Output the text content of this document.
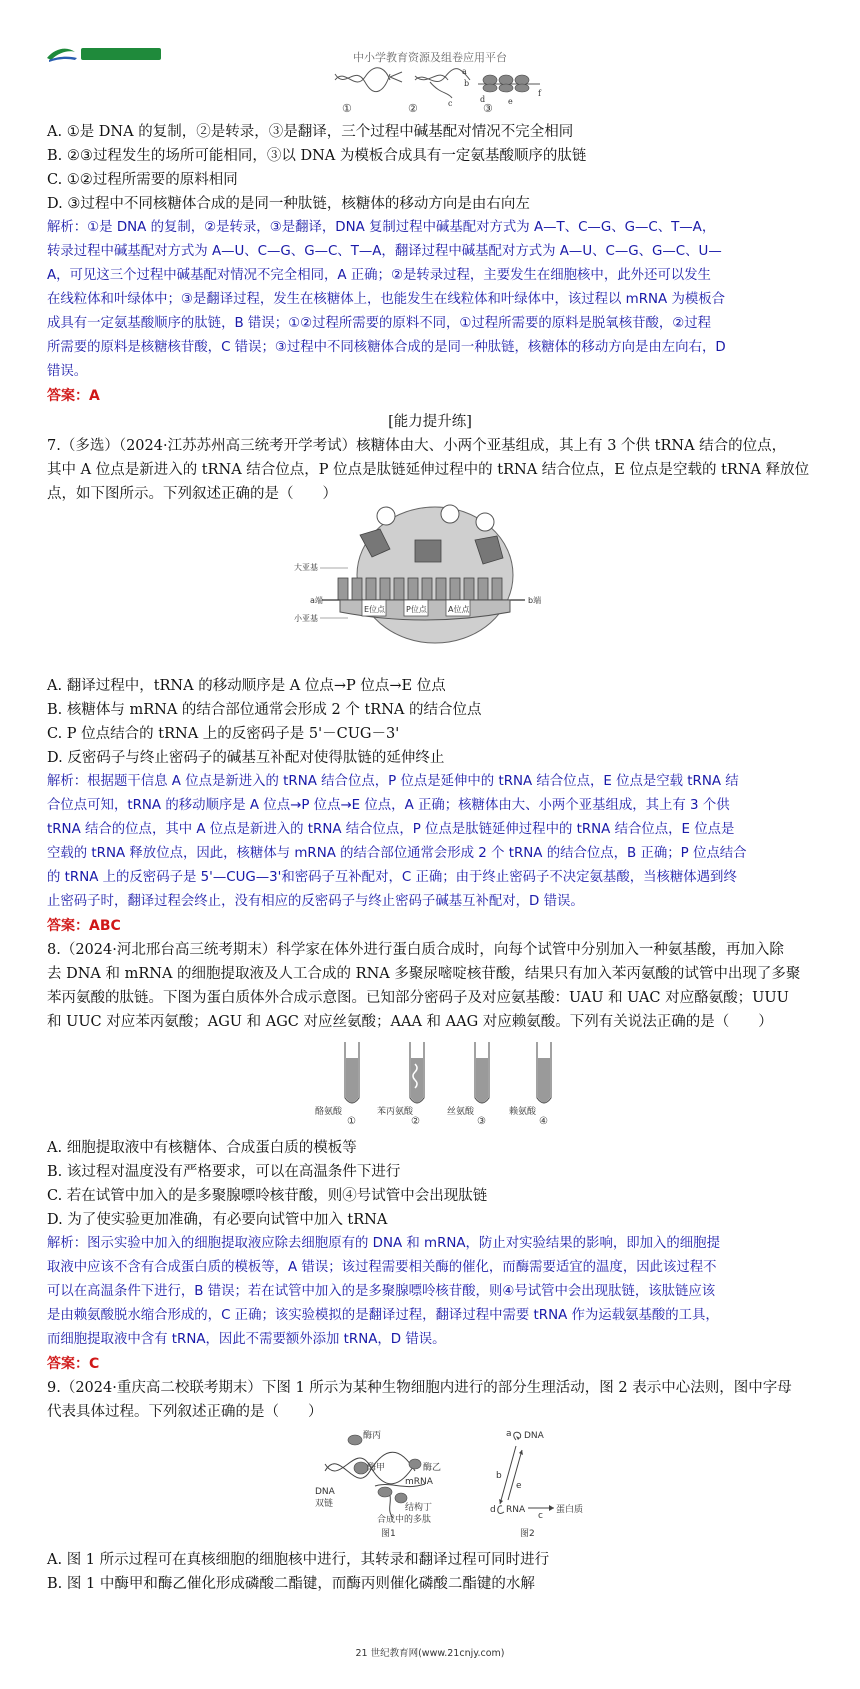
中小学教育资源及组卷应用平台
a
b
c	d	e
f
①	②	③
A. ①是 DNA 的复制，②是转录，③是翻译，三个过程中碱基配对情况不完全相同
B. ②③过程发生的场所可能相同，③以 DNA 为模板合成具有一定氨基酸顺序的肽链
C. ①②过程所需要的原料相同
D. ③过程中不同核糖体合成的是同一种肽链，核糖体的移动方向是由右向左
解析：①是 DNA 的复制，②是转录，③是翻译，DNA 复制过程中碱基配对方式为 A—T、C—G、G—C、T—A，
转录过程中碱基配对方式为 A—U、C—G、G—C、T—A，翻译过程中碱基配对方式为 A—U、C—G、G—C、U—
A，可见这三个过程中碱基配对情况不完全相同，A 正确；②是转录过程，主要发生在细胞核中，此外还可以发生
在线粒体和叶绿体中；③是翻译过程，发生在核糖体上，也能发生在线粒体和叶绿体中，该过程以 mRNA 为模板合
成具有一定氨基酸顺序的肽链，B 错误；①②过程所需要的原料不同，①过程所需要的原料是脱氧核苷酸，②过程
所需要的原料是核糖核苷酸，C 错误；③过程中不同核糖体合成的是同一种肽链，核糖体的移动方向是由左向右，D
错误。
答案：A
[能力提升练]
7.（多选）（2024·江苏苏州高三统考开学考试）核糖体由大、小两个亚基组成，其上有 3 个供 tRNA 结合的位点，
其中 A 位点是新进入的 tRNA 结合位点，P 位点是肽链延伸过程中的 tRNA 结合位点，E 位点是空载的 tRNA 释放位
点，如下图所示。下列叙述正确的是（　　）
大亚基
小亚基
a端	b端
E位点	P位点	A位点
A. 翻译过程中，tRNA 的移动顺序是 A 位点→P 位点→E 位点
B. 核糖体与 mRNA 的结合部位通常会形成 2 个 tRNA 的结合位点
C. P 位点结合的 tRNA 上的反密码子是 5'－CUG－3'
D. 反密码子与终止密码子的碱基互补配对使得肽链的延伸终止
解析：根据题干信息 A 位点是新进入的 tRNA 结合位点，P 位点是延伸中的 tRNA 结合位点，E 位点是空载 tRNA 结
合位点可知，tRNA 的移动顺序是 A 位点→P 位点→E 位点，A 正确；核糖体由大、小两个亚基组成，其上有 3 个供
tRNA 结合的位点，其中 A 位点是新进入的 tRNA 结合位点，P 位点是肽链延伸过程中的 tRNA 结合位点，E 位点是
空载的 tRNA 释放位点，因此，核糖体与 mRNA 的结合部位通常会形成 2 个 tRNA 的结合位点，B 正确；P 位点结合
的 tRNA 上的反密码子是 5'—CUG—3'和密码子互补配对，C 正确；由于终止密码子不决定氨基酸，当核糖体遇到终
止密码子时，翻译过程会终止，没有相应的反密码子与终止密码子碱基互补配对，D 错误。
答案：ABC
8.（2024·河北邢台高三统考期末）科学家在体外进行蛋白质合成时，向每个试管中分别加入一种氨基酸，再加入除
去 DNA 和 mRNA 的细胞提取液及人工合成的 RNA 多聚尿嘧啶核苷酸，结果只有加入苯丙氨酸的试管中出现了多聚
苯丙氨酸的肽链。下图为蛋白质体外合成示意图。已知部分密码子及对应氨基酸：UAU 和 UAC 对应酪氨酸；UUU
和 UUC 对应苯丙氨酸；AGU 和 AGC 对应丝氨酸；AAA 和 AAG 对应赖氨酸。下列有关说法正确的是（　　）
酪氨酸	苯丙氨酸	丝氨酸	赖氨酸
①	②	③	④
A. 细胞提取液中有核糖体、合成蛋白质的模板等
B. 该过程对温度没有严格要求，可以在高温条件下进行
C. 若在试管中加入的是多聚腺嘌呤核苷酸，则④号试管中会出现肽链
D. 为了使实验更加准确，有必要向试管中加入 tRNA
解析：图示实验中加入的细胞提取液应除去细胞原有的 DNA 和 mRNA，防止对实验结果的影响，即加入的细胞提
取液中应该不含有合成蛋白质的模板等，A 错误；该过程需要相关酶的催化，而酶需要适宜的温度，因此该过程不
可以在高温条件下进行，B 错误；若在试管中加入的是多聚腺嘌呤核苷酸，则④号试管中会出现肽链，该肽链应该
是由赖氨酸脱水缩合形成的，C 正确；该实验模拟的是翻译过程，翻译过程中需要 tRNA 作为运载氨基酸的工具，
而细胞提取液中含有 tRNA，因此不需要额外添加 tRNA，D 错误。
答案：C
9.（2024·重庆高二校联考期末）下图 1 所示为某种生物细胞内进行的部分生理活动，图 2 表示中心法则，图中字母
代表具体过程。下列叙述正确的是（　　）
酶丙
酶甲	酶乙
mRNA
DNA
双链	结构丁
合成中的多肽
图1
a DNA
b
e
d RNA
c
蛋白质
图2
A. 图 1 所示过程可在真核细胞的细胞核中进行，其转录和翻译过程可同时进行
B. 图 1 中酶甲和酶乙催化形成磷酸二酯键，而酶丙则催化磷酸二酯键的水解
21 世纪教育网(www.21cnjy.com)
